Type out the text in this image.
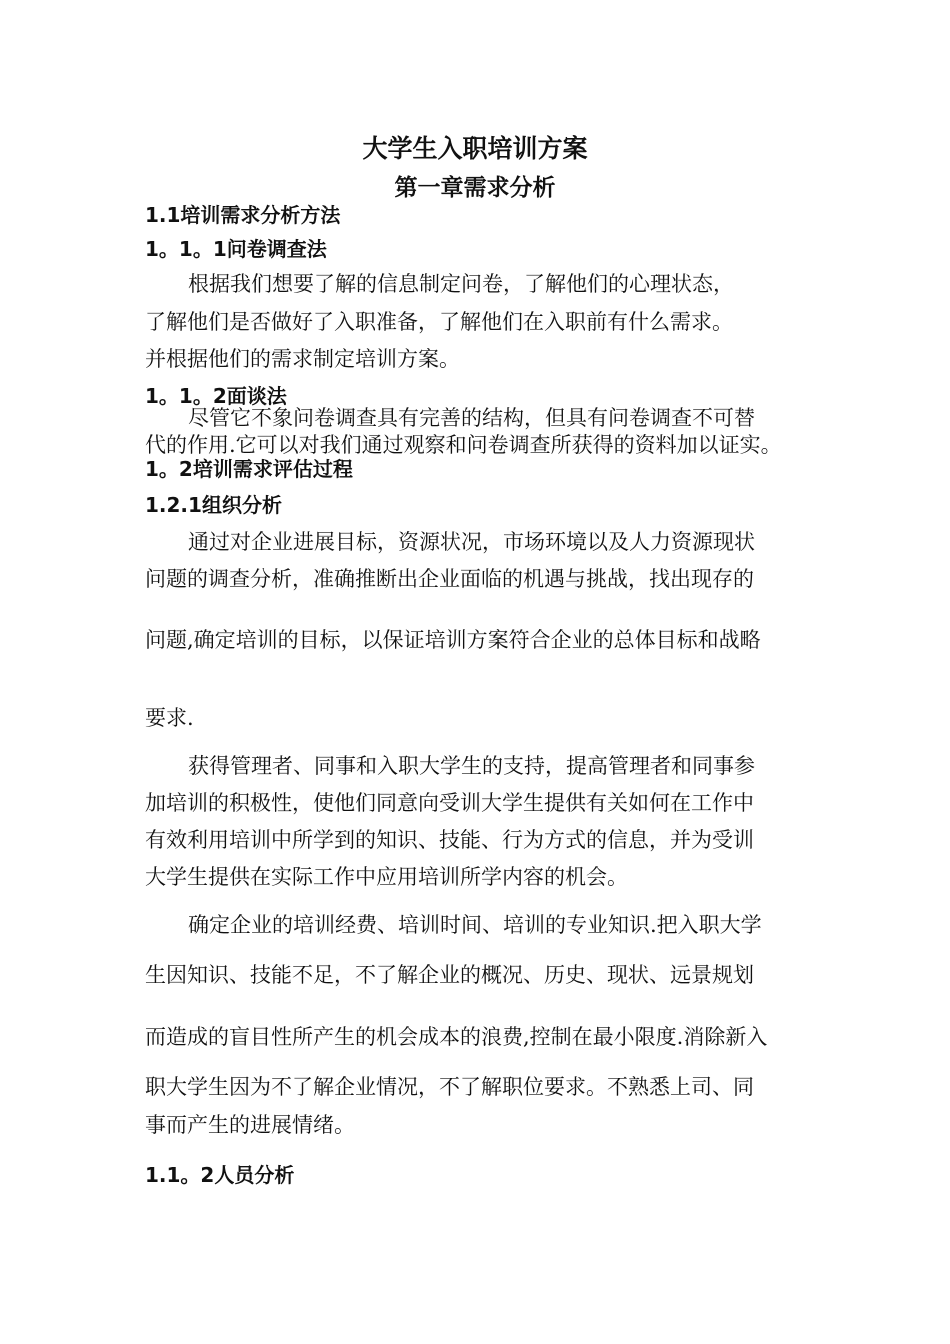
大学生入职培训方案
第一章需求分析
1.1培训需求分析方法
1。1。1问卷调查法
根据我们想要了解的信息制定问卷，了解他们的心理状态，
了解他们是否做好了入职准备，了解他们在入职前有什么需求。
并根据他们的需求制定培训方案。
1。1。2面谈法
尽管它不象问卷调查具有完善的结构，但具有问卷调查不可替
代的作用.它可以对我们通过观察和问卷调查所获得的资料加以证实。
1。2培训需求评估过程
1.2.1组织分析
通过对企业进展目标，资源状况，市场环境以及人力资源现状
问题的调查分析，准确推断出企业面临的机遇与挑战，找出现存的
问题,确定培训的目标，以保证培训方案符合企业的总体目标和战略
要求.
获得管理者、同事和入职大学生的支持，提高管理者和同事参
加培训的积极性，使他们同意向受训大学生提供有关如何在工作中
有效利用培训中所学到的知识、技能、行为方式的信息，并为受训
大学生提供在实际工作中应用培训所学内容的机会。
确定企业的培训经费、培训时间、培训的专业知识.把入职大学
生因知识、技能不足，不了解企业的概况、历史、现状、远景规划
而造成的盲目性所产生的机会成本的浪费,控制在最小限度.消除新入
职大学生因为不了解企业情况，不了解职位要求。不熟悉上司、同
事而产生的进展情绪。
1.1。2人员分析
